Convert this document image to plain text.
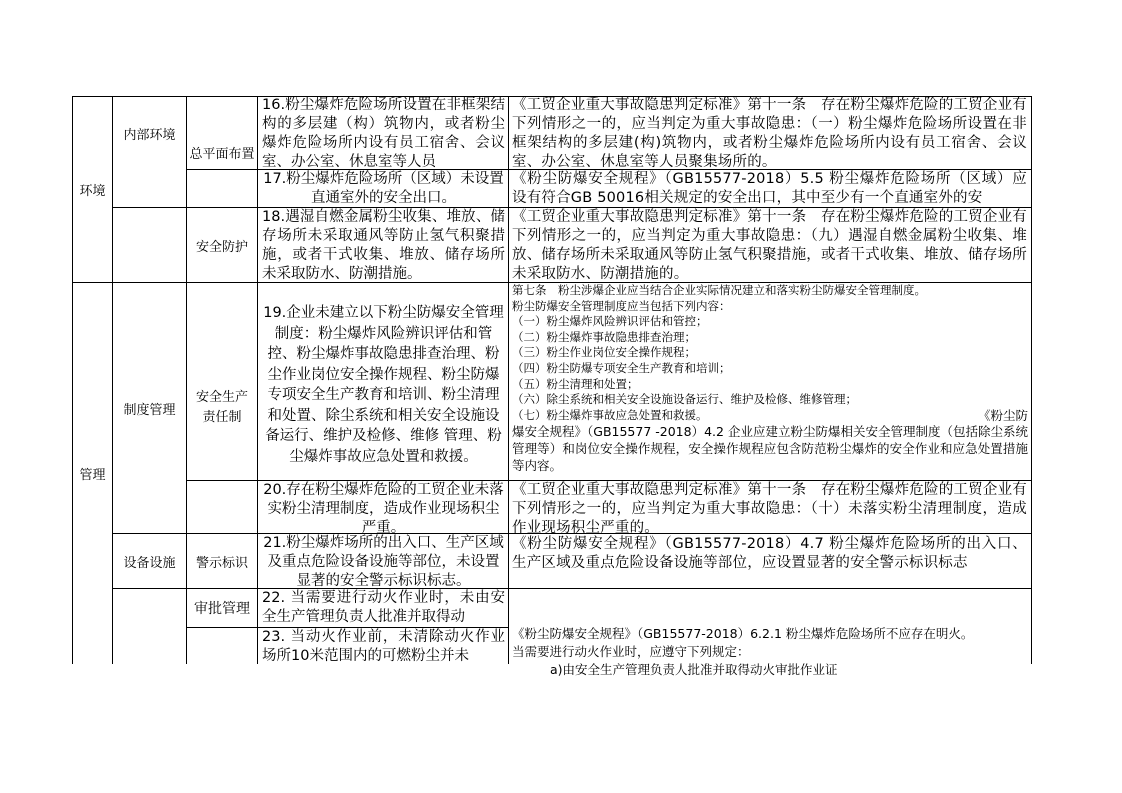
环境
管理
内部环境
制度管理
设备设施
总平面布置
安全防护
安全生产责任制
警示标识
审批管理
16.粉尘爆炸危险场所设置在非框架结构的多层建（构）筑物内，或者粉尘爆炸危险场所内设有员工宿舍、会议室、办公室、休息室等人员
17.粉尘爆炸危险场所（区域）未设置直通室外的安全出口。
18.遇湿自燃金属粉尘收集、堆放、储存场所未采取通风等防止氢气积聚措施，或者干式收集、堆放、储存场所未采取防水、防潮措施。
19.企业未建立以下粉尘防爆安全管理制度：粉尘爆炸风险辨识评估和管控、粉尘爆炸事故隐患排查治理、粉尘作业岗位安全操作规程、粉尘防爆专项安全生产教育和培训、粉尘清理和处置、除尘系统和相关安全设施设备运行、维护及检修、维修 管理、粉尘爆炸事故应急处置和救援。
20.存在粉尘爆炸危险的工贸企业未落实粉尘清理制度，造成作业现场积尘严重。
21.粉尘爆炸场所的出入口、生产区域及重点危险设备设施等部位，未设置显著的安全警示标识标志。
22. 当需要进行动火作业时，未由安全生产管理负责人批准并取得动
23. 当动火作业前，未清除动火作业场所10米范围内的可燃粉尘并未
《工贸企业重大事故隐患判定标准》第十一条　存在粉尘爆炸危险的工贸企业有下列情形之一的，应当判定为重大事故隐患：（一）粉尘爆炸危险场所设置在非框架结构的多层建(构)筑物内，或者粉尘爆炸危险场所内设有员工宿舍、会议室、办公室、休息室等人员聚集场所的。
《粉尘防爆安全规程》（GB15577-2018）5.5 粉尘爆炸危险场所（区域）应设有符合GB 50016相关规定的安全出口，其中至少有一个直通室外的安
《工贸企业重大事故隐患判定标准》第十一条　存在粉尘爆炸危险的工贸企业有下列情形之一的，应当判定为重大事故隐患：（九）遇湿自燃金属粉尘收集、堆放、储存场所未采取通风等防止氢气积聚措施，或者干式收集、堆放、储存场所未采取防水、防潮措施的。
第七条　粉尘涉爆企业应当结合企业实际情况建立和落实粉尘防爆安全管理制度。
粉尘防爆安全管理制度应当包括下列内容：
（一）粉尘爆炸风险辨识评估和管控；
（二）粉尘爆炸事故隐患排查治理；
（三）粉尘作业岗位安全操作规程；
（四）粉尘防爆专项安全生产教育和培训；
（五）粉尘清理和处置；
（六）除尘系统和相关安全设施设备运行、维护及检修、维修管理；
（七）粉尘爆炸事故应急处置和救援。	《粉尘防
爆安全规程》（GB15577 -2018）4.2 企业应建立粉尘防爆相关安全管理制度（包括除尘系统管理等）和岗位安全操作规程，安全操作规程应包含防范粉尘爆炸的安全作业和应急处置措施等内容。
《工贸企业重大事故隐患判定标准》第十一条　存在粉尘爆炸危险的工贸企业有下列情形之一的，应当判定为重大事故隐患：（十）未落实粉尘清理制度，造成作业现场积尘严重的。
《粉尘防爆安全规程》（GB15577-2018）4.7 粉尘爆炸危险场所的出入口、生产区域及重点危险设备设施等部位，应设置显著的安全警示标识标志
《粉尘防爆安全规程》（GB15577-2018）6.2.1 粉尘爆炸危险场所不应存在明火。
当需要进行动火作业时，应遵守下列规定：
a)由安全生产管理负责人批准并取得动火审批作业证
